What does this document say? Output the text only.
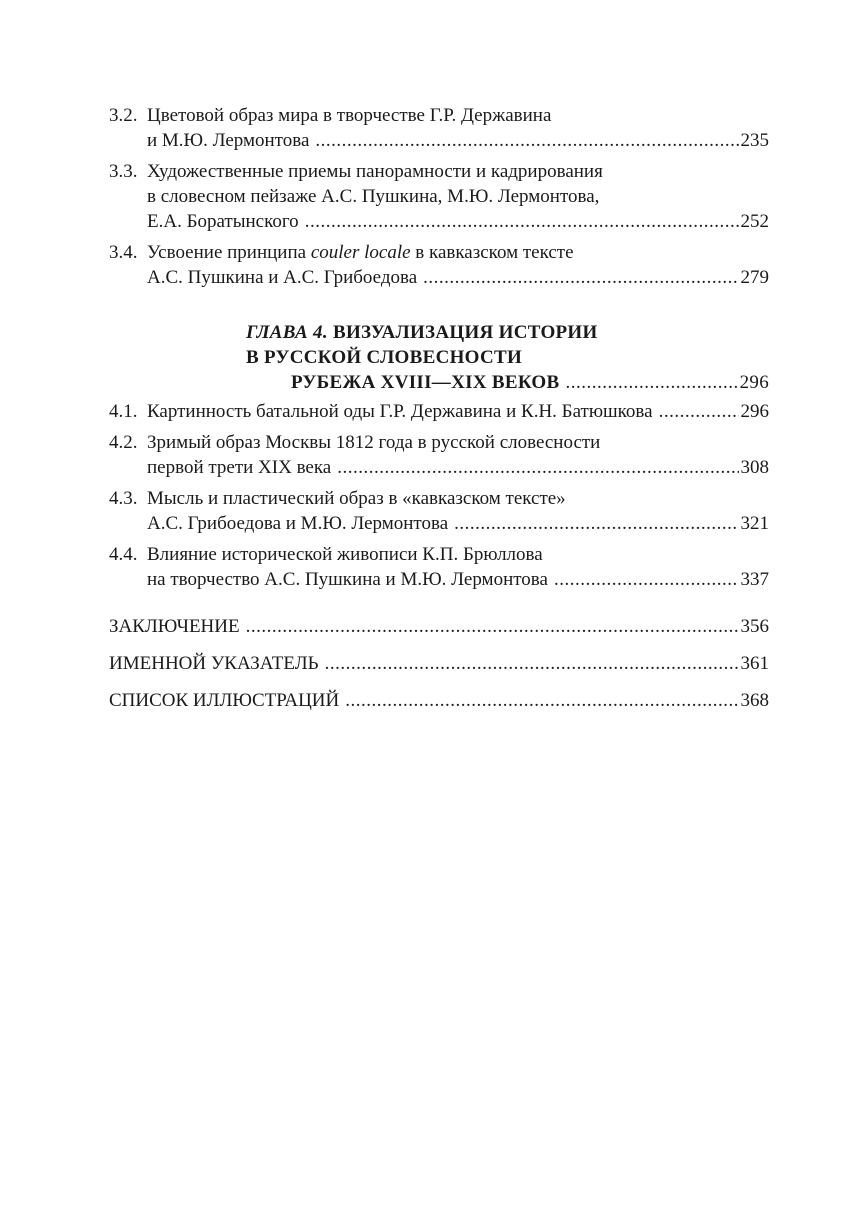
3.2. Цветовой образ мира в творчестве Г.Р. Державина
и М.Ю. Лермонтова .....	235
3.3. Художественные приемы панорамности и кадрирования
в словесном пейзаже А.С. Пушкина, М.Ю. Лермонтова,
Е.А. Боратынского .....	252
3.4. Усвоение принципа couler locale в кавказском тексте
А.С. Пушкина и А.С. Грибоедова .....	279
ГЛАВА 4. ВИЗУАЛИЗАЦИЯ ИСТОРИИ
В РУССКОЙ СЛОВЕСНОСТИ
РУБЕЖА XVIII—XIX ВЕКОВ .....	296
4.1. Картинность батальной оды Г.Р. Державина и К.Н. Батюшкова .....	296
4.2. Зримый образ Москвы 1812 года в русской словесности
первой трети XIX века .....	308
4.3. Мысль и пластический образ в «кавказском тексте»
А.С. Грибоедова и М.Ю. Лермонтова .....	321
4.4. Влияние исторической живописи К.П. Брюллова
на творчество А.С. Пушкина и М.Ю. Лермонтова .....	337
ЗАКЛЮЧЕНИЕ .....	356
ИМЕННОЙ УКАЗАТЕЛЬ .....	361
СПИСОК ИЛЛЮСТРАЦИЙ .....	368
